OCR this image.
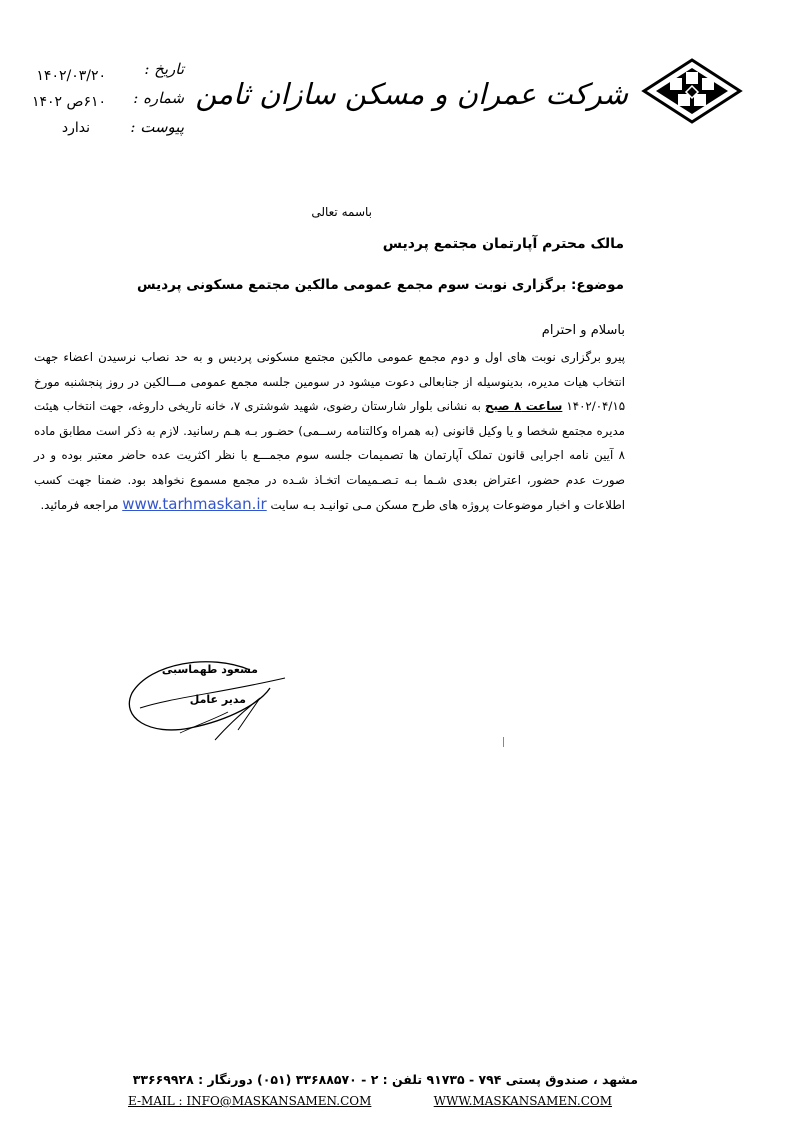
شرکت عمران و مسکن سازان ثامن
تاریخ :
شماره :
پیوست :
۱۴۰۲/۰۳/۲۰
۶۱۰ص ۱۴۰۲
ندارد
باسمه تعالی
مالک محترم آپارتمان مجتمع پردیس
موضوع: برگزاری نوبت سوم مجمع عمومی مالکین مجتمع مسکونی پردیس
باسلام و احترام
پیرو برگزاری نوبت های اول و دوم مجمع عمومی مالکین مجتمع مسکونی پردیس و به حد نصاب نرسیدن اعضاء جهت انتخاب هیات مدیره، بدینوسیله از جنابعالی دعوت میشود در سومین جلسه مجمع عمومی مـــالکین در روز پنجشنبه مورخ ۱۴۰۲/۰۴/۱۵ ساعت ۸ صبح به نشانی بلوار شارستان رضوی، شهید شوشتری ۷، خانه تاریخی داروغه، جهت انتخاب هیئت مدیره مجتمع شخصا و یا وکیل قانونی (به همراه وکالتنامه رســمی) حضـور بـه هـم رسانید. لازم به ذکر است مطابق ماده ۸ آیین نامه اجرایی قانون تملک آپارتمان ها تصمیمات جلسه سوم مجمـــع با نظر اکثریت عده حاضر معتبر بوده و در صورت عدم حضور، اعتراض بعدی شـما بـه تـصـمیمات اتخـاذ شـده در مجمع مسموع نخواهد بود. ضمنا جهت کسب اطلاعات و اخبار موضوعات پروژه های طرح مسکن مـی توانیـد بـه سایت www.tarhmaskan.ir مراجعه فرمائید.
مسعود طهماسبی
مدیر عامل
مشهد ، صندوق پستی ۷۹۴ - ۹۱۷۳۵ تلفن : ۲ - ۳۳۶۸۸۵۷۰ (۰۵۱) دورنگار : ۳۳۶۶۹۹۲۸
E-MAIL : INFO@MASKANSAMEN.COM	WWW.MASKANSAMEN.COM
